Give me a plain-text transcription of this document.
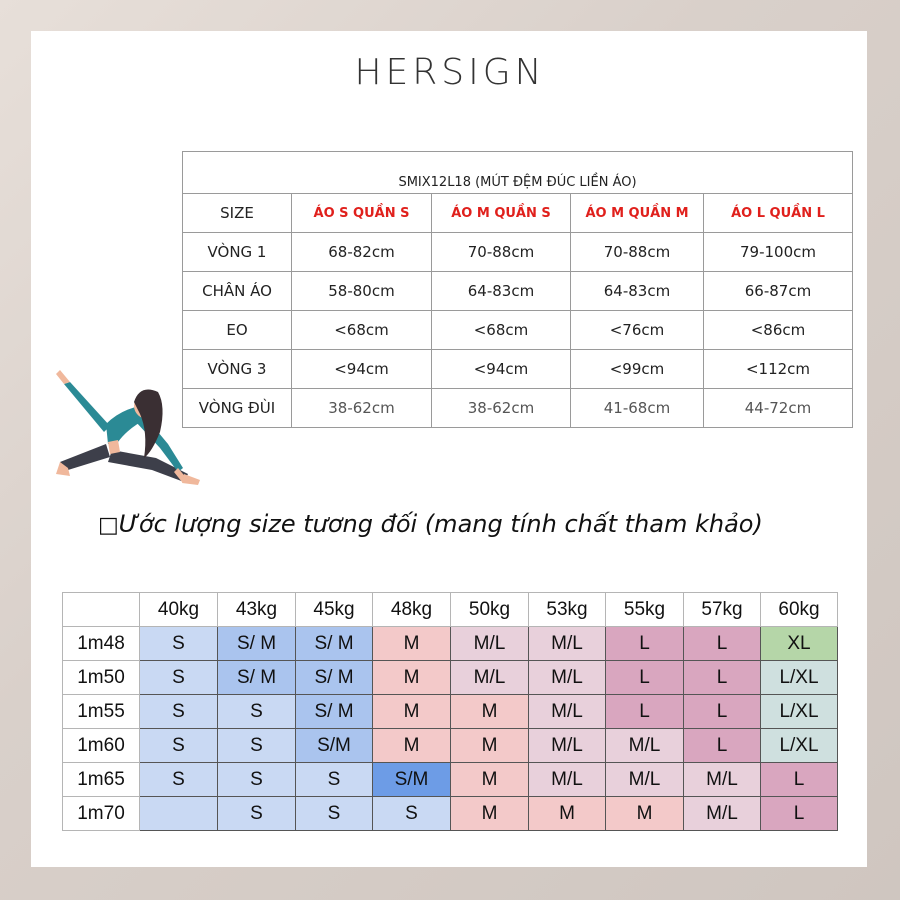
HERSIGN
SMIX12L18 (MÚT ĐỆM ĐÚC LIỀN ÁO)				
SIZE	ÁO S QUẦN S	ÁO M QUẦN S	ÁO M QUẦN M	ÁO L QUẦN L
VÒNG 1	68-82cm	70-88cm	70-88cm	79-100cm
CHÂN ÁO	58-80cm	64-83cm	64-83cm	66-87cm
EO	<68cm	<68cm	<76cm	<86cm
VÒNG 3	<94cm	<94cm	<99cm	<112cm
VÒNG ĐÙI	38-62cm	38-62cm	41-68cm	44-72cm
□Ước lượng size tương đối (mang tính chất tham khảo)
	40kg	43kg	45kg	48kg	50kg	53kg	55kg	57kg	60kg
1m48	S	S/ M	S/ M	M	M/L	M/L	L	L	XL
1m50	S	S/ M	S/ M	M	M/L	M/L	L	L	L/XL
1m55	S	S	S/ M	M	M	M/L	L	L	L/XL
1m60	S	S	S/M	M	M	M/L	M/L	L	L/XL
1m65	S	S	S	S/M	M	M/L	M/L	M/L	L
1m70		S	S	S	M	M	M	M/L	L
